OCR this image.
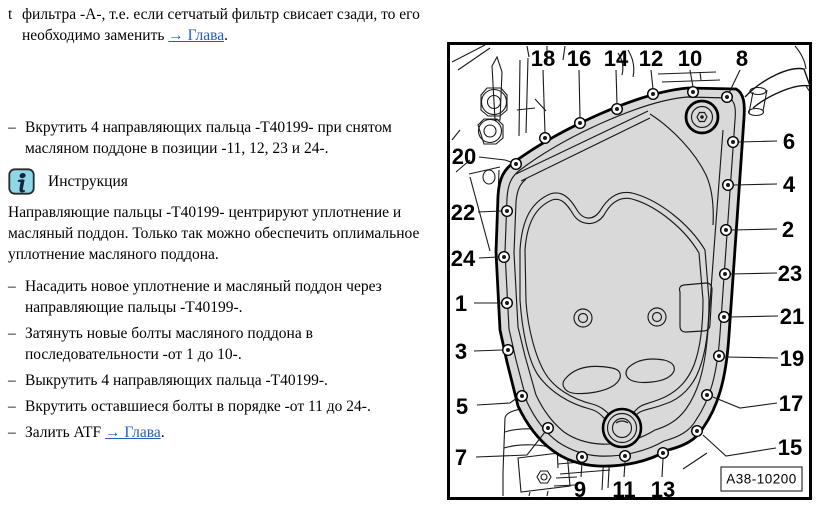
t фильтра -А-, т.е. если сетчатый фильтр свисает сзади, то его необходимо заменить → Глава.
– Вкрутить 4 направляющих пальца -Т40199- при снятом масляном поддоне в позиции -11, 12, 23 и 24-.
Инструкция
Направляющие пальцы -Т40199- центрируют уплотнение и масляный поддон. Только так можно обеспечить оплимальное уплотнение масляного поддона.
– Насадить новое уплотнение и масляный поддон через направляющие пальцы -Т40199-.
– Затянуть новые болты масляного поддона в последовательности -от 1 до 10-.
– Выкрутить 4 направляющих пальца -Т40199-.
– Вкрутить оставшиеся болты в порядке -от 11 до 24-.
– Залить ATF → Глава.
18 16 14 12 10 8
6
4
2
23
21
19
17
15
20
22
24
1
3
5
7
9 11 13	A38-10200
